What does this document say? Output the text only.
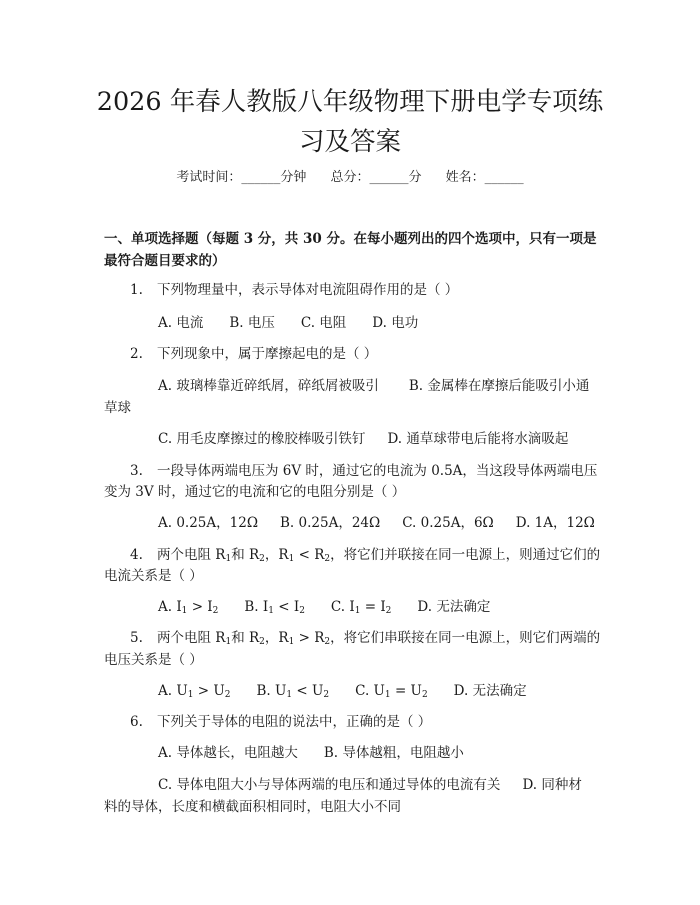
2026 年春人教版八年级物理下册电学专项练
习及答案
考试时间：______分钟 总分：______分 姓名：______
一、单项选择题（每题 3 分，共 30 分。在每小题列出的四个选项中，只有一项是
最符合题目要求的）
1. 下列物理量中，表示导体对电流阻碍作用的是（ ）
A. 电流 B. 电压 C. 电阻 D. 电功
2. 下列现象中，属于摩擦起电的是（ ）
A. 玻璃棒靠近碎纸屑，碎纸屑被吸引 B. 金属棒在摩擦后能吸引小通
草球
C. 用毛皮摩擦过的橡胶棒吸引铁钉 D. 通草球带电后能将水滴吸起
3. 一段导体两端电压为 6V 时，通过它的电流为 0.5A，当这段导体两端电压
变为 3V 时，通过它的电流和它的电阻分别是（ ）
A. 0.25A，12Ω B. 0.25A，24Ω C. 0.25A，6Ω D. 1A，12Ω
4. 两个电阻 $R_1$和 $R_2$，$R_1 < R_2$，将它们并联接在同一电源上，则通过它们的
电流关系是（ ）
A. $I_1 > I_2$ B. $I_1 < I_2$ C. $I_1 = I_2$ D. 无法确定
5. 两个电阻 $R_1$和 $R_2$，$R_1 > R_2$，将它们串联接在同一电源上，则它们两端的
电压关系是（ ）
A. $U_1 > U_2$ B. $U_1 < U_2$ C. $U_1 = U_2$ D. 无法确定
6. 下列关于导体的电阻的说法中，正确的是（ ）
A. 导体越长，电阻越大 B. 导体越粗，电阻越小
C. 导体电阻大小与导体两端的电压和通过导体的电流有关 D. 同种材
料的导体，长度和横截面积相同时，电阻大小不同
